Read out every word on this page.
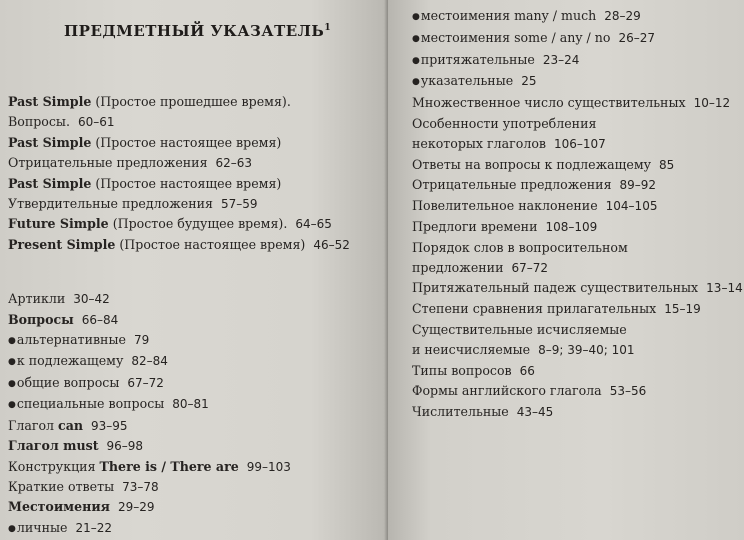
ПРЕДМЕТНЫЙ УКАЗАТЕЛЬ$^1$
Past Simple (Простое прошедшее время).
Вопросы. 60–61
Past Simple (Простое настоящее время)
Отрицательные предложения 62–63
Past Simple (Простое настоящее время)
Утвердительные предложения 57–59
Future Simple (Простое будущее время). 64–65
Present Simple (Простое настоящее время) 46–52
Артикли 30–42
Вопросы 66–84
●альтернативные 79
●к подлежащему 82–84
●общие вопросы 67–72
●специальные вопросы 80–81
Глагол can 93–95
Глагол must 96–98
Конструкция There is / There are 99–103
Краткие ответы 73–78
Местоимения 29–29
●личные 21–22
●местоимения many / much 28–29
●местоимения some / any / no 26–27
●притяжательные 23–24
●указательные 25
Множественное число существительных 10–12
Особенности употребления
некоторых глаголов 106–107
Ответы на вопросы к подлежащему 85
Отрицательные предложения 89–92
Повелительное наклонение 104–105
Предлоги времени 108–109
Порядок слов в вопросительном
предложении 67–72
Притяжательный падеж существительных 13–14
Степени сравнения прилагательных 15–19
Существительные исчисляемые
и неисчисляемые 8–9; 39–40; 101
Типы вопросов 66
Формы английского глагола 53–56
Числительные 43–45
